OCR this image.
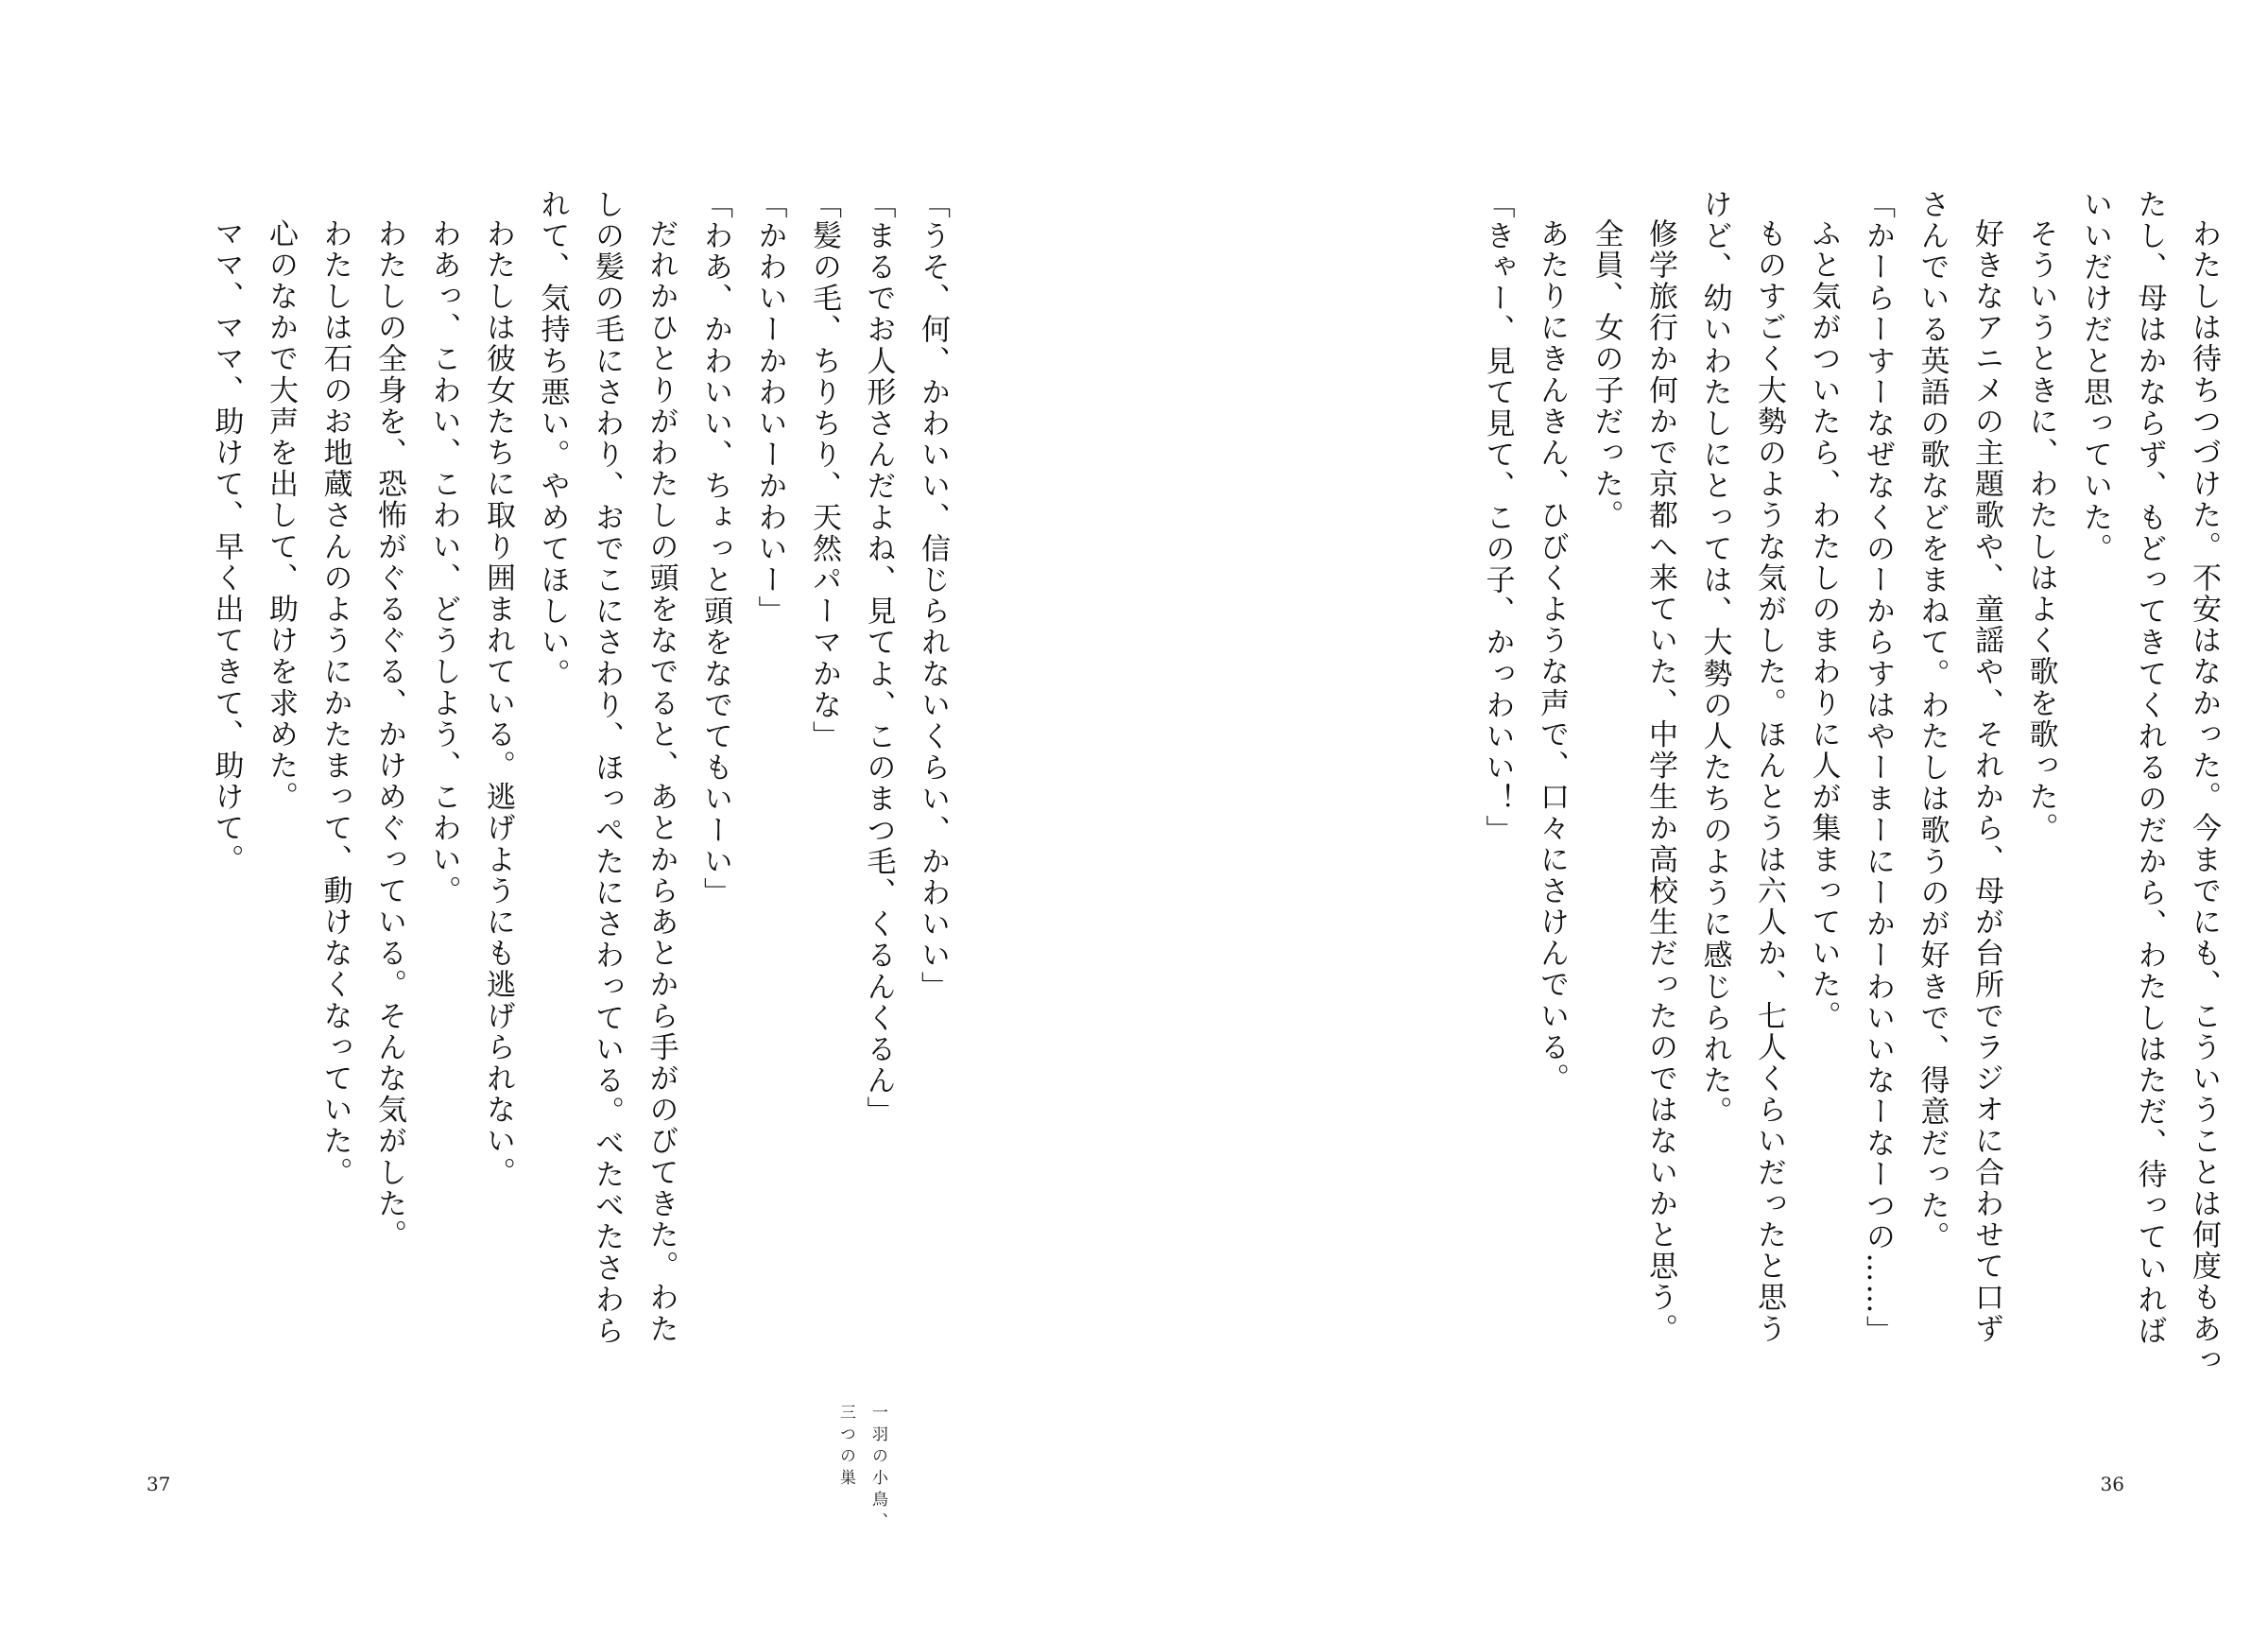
「うそ、何、かわいい、信じられないくらい、かわいい」
「まるでお人形さんだよね、見てよ、このまつ毛、くるんくるん」
「髪の毛、ちりちり、天然パーマかな」
「かわいーかわいーかわいー」
「わあ、かわいい、ちょっと頭をなでてもいーい」
だれかひとりがわたしの頭をなでると、あとからあとから手がのびてきた。わた
しの髪の毛にさわり、おでこにさわり、ほっぺたにさわっている。べたべたさわら
れて、気持ち悪い。やめてほしい。
わたしは彼女たちに取り囲まれている。逃げようにも逃げられない。
わあっ、こわい、こわい、どうしよう、こわい。
わたしの全身を、恐怖がぐるぐる、かけめぐっている。そんな気がした。
わたしは石のお地蔵さんのようにかたまって、動けなくなっていた。
心のなかで大声を出して、助けを求めた。
ママ、ママ、助けて、早く出てきて、助けて。
一羽の小鳥、
三つの巣
37
わたしは待ちつづけた。不安はなかった。今までにも、こういうことは何度もあっ
たし、母はかならず、もどってきてくれるのだから、わたしはただ、待っていれば
いいだけだと思っていた。
そういうときに、わたしはよく歌を歌った。
好きなアニメの主題歌や、童謡や、それから、母が台所でラジオに合わせて口ず
さんでいる英語の歌などをまねて。わたしは歌うのが好きで、得意だった。
「かーらーすーなぜなくのーからすはやーまーにーかーわいいなーなーつの……」
ふと気がついたら、わたしのまわりに人が集まっていた。
ものすごく大勢のような気がした。ほんとうは六人か、七人くらいだったと思う
けど、幼いわたしにとっては、大勢の人たちのように感じられた。
修学旅行か何かで京都へ来ていた、中学生か高校生だったのではないかと思う。
全員、女の子だった。
あたりにきんきん、ひびくような声で、口々にさけんでいる。
「きゃー、見て見て、この子、かっわいい！」
36
